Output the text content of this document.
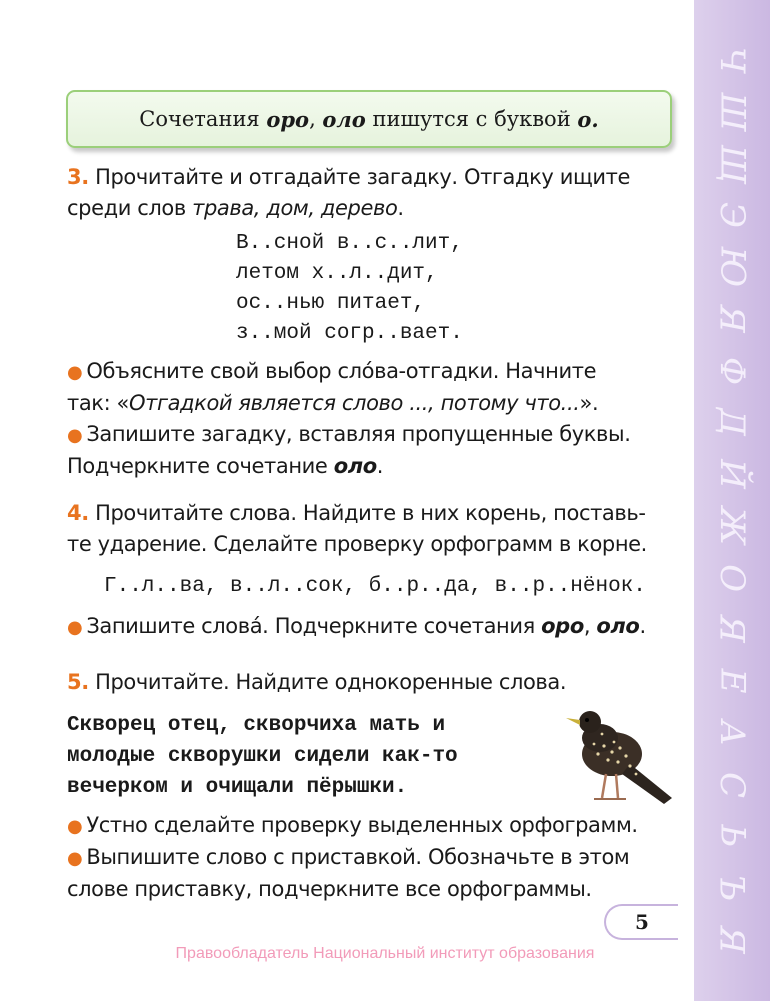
Ч
Ш
Щ
Э
Ю
Я
Ф
Д
Й
Ж
О
Я
Е
А
С
Ь
Ъ
Я
Сочетания оро , оло пишутся с буквой о.
3. Прочитайте и отгадайте загадку. Отгадку ищите
среди слов трава, дом, дерево.
В..сной в..с..лит,
летом х..л..дит,
ос..нью питает,
з..мой согр..вает.
● Объясните свой выбор сло́ва-отгадки. Начните
так: «Отгадкой является слово ..., потому что...».
● Запишите загадку, вставляя пропущенные буквы.
Подчеркните сочетание оло.
4. Прочитайте слова. Найдите в них корень, поставь-
те ударение. Сделайте проверку орфограмм в корне.
Г..л..ва, в..л..сок, б..р..да, в..р..нёнок.
● Запишите слова́. Подчеркните сочетания оро, оло.
5. Прочитайте. Найдите однокоренные слова.
Скворец отец, скворчиха мать и
молодые скворушки сидели как-то
вечерком и очищали пёрышки.
● Устно сделайте проверку выделенных орфограмм.
● Выпишите слово с приставкой. Обозначьте в этом
слове приставку, подчеркните все орфограммы.
5
Правообладатель Национальный институт образования
